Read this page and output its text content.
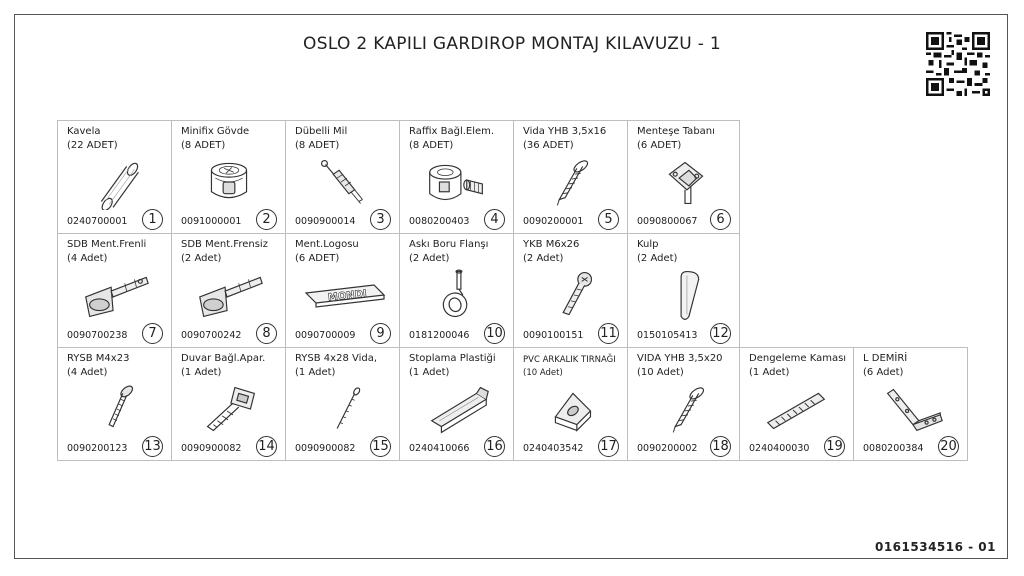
OSLO 2 KAPILI GARDIROP MONTAJ KILAVUZU - 1
0161534516 - 01
Kavela
(22 ADET)
0240700001	1
Minifix Gövde
(8 ADET)
0091000001	2
Dübelli Mil
(8 ADET)
0090900014	3
Raffix Bağl.Elem.
(8 ADET)
0080200403	4
Vida YHB 3,5x16
(36 ADET)
0090200001	5
Menteşe Tabanı
(6 ADET)
0090800067	6
SDB Ment.Frenli
(4 Adet)
0090700238	7
SDB Ment.Frensiz
(2 Adet)
0090700242	8
Ment.Logosu
(6 ADET)
MONDI
0090700009	9
Askı Boru Flanşı
(2 Adet)
0181200046 10
YKB M6x26
(2 Adet)
0090100151 11
Kulp
(2 Adet)
0150105413 12
RYSB M4x23
(4 Adet)
0090200123 13
Duvar Bağl.Apar.
(1 Adet)
0090900082 14
RYSB 4x28 Vida,
(1 Adet)
0090900082 15
Stoplama Plastiği
(1 Adet)
0240410066 16
PVC ARKALIK TIRNAĞI
(10 Adet)
0240403542 17
VIDA YHB 3,5x20
(10 Adet)
0090200002 18
Dengeleme Kaması
(1 Adet)
0240400030 19
L DEMİRİ
(6 Adet)
0080200384 20
